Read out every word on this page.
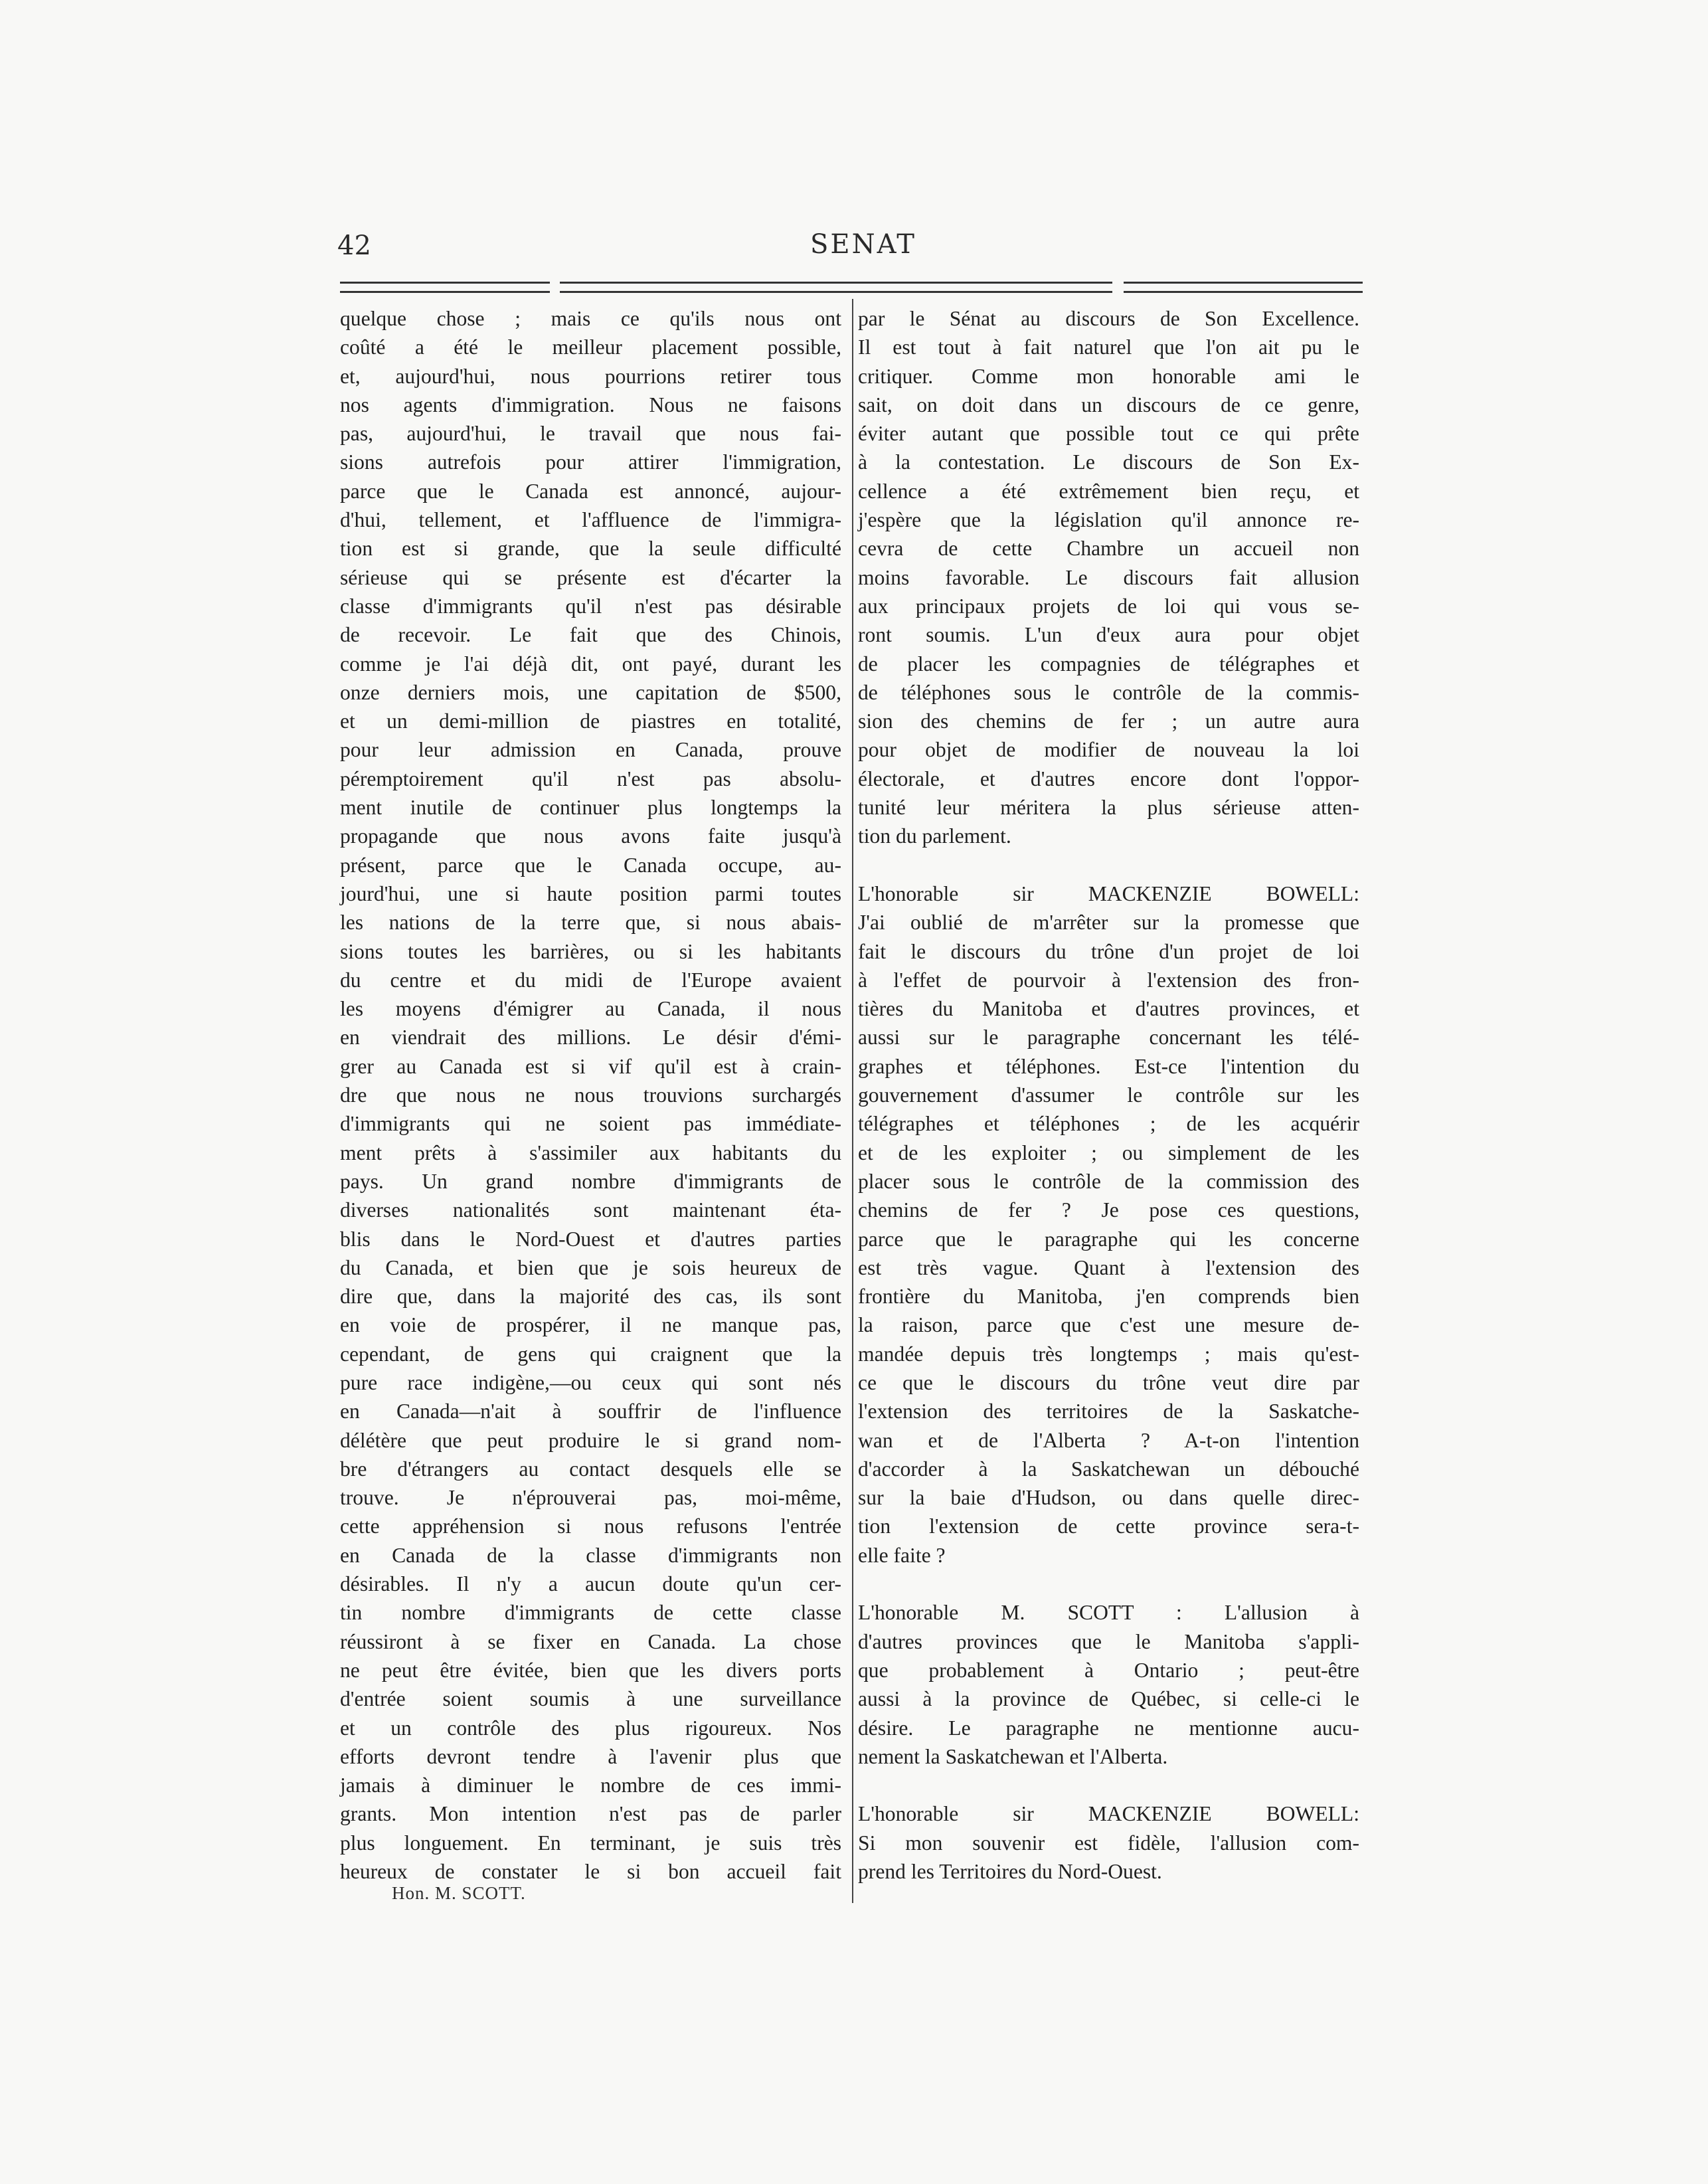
42	SENAT
quelque chose ; mais ce qu'ils nous ont
coûté a été le meilleur placement possible,
et, aujourd'hui, nous pourrions retirer tous
nos agents d'immigration. Nous ne faisons
pas, aujourd'hui, le travail que nous fai-
sions autrefois pour attirer l'immigration,
parce que le Canada est annoncé, aujour-
d'hui, tellement, et l'affluence de l'immigra-
tion est si grande, que la seule difficulté
sérieuse qui se présente est d'écarter la
classe d'immigrants qu'il n'est pas désirable
de recevoir. Le fait que des Chinois,
comme je l'ai déjà dit, ont payé, durant les
onze derniers mois, une capitation de $500,
et un demi-million de piastres en totalité,
pour leur admission en Canada, prouve
péremptoirement qu'il n'est pas absolu-
ment inutile de continuer plus longtemps la
propagande que nous avons faite jusqu'à
présent, parce que le Canada occupe, au-
jourd'hui, une si haute position parmi toutes
les nations de la terre que, si nous abais-
sions toutes les barrières, ou si les habitants
du centre et du midi de l'Europe avaient
les moyens d'émigrer au Canada, il nous
en viendrait des millions. Le désir d'émi-
grer au Canada est si vif qu'il est à crain-
dre que nous ne nous trouvions surchargés
d'immigrants qui ne soient pas immédiate-
ment prêts à s'assimiler aux habitants du
pays. Un grand nombre d'immigrants de
diverses nationalités sont maintenant éta-
blis dans le Nord-Ouest et d'autres parties
du Canada, et bien que je sois heureux de
dire que, dans la majorité des cas, ils sont
en voie de prospérer, il ne manque pas,
cependant, de gens qui craignent que la
pure race indigène,—ou ceux qui sont nés
en Canada—n'ait à souffrir de l'influence
délétère que peut produire le si grand nom-
bre d'étrangers au contact desquels elle se
trouve. Je n'éprouverai pas, moi-même,
cette appréhension si nous refusons l'entrée
en Canada de la classe d'immigrants non
désirables. Il n'y a aucun doute qu'un cer-
tin nombre d'immigrants de cette classe
réussiront à se fixer en Canada. La chose
ne peut être évitée, bien que les divers ports
d'entrée soient soumis à une surveillance
et un contrôle des plus rigoureux. Nos
efforts devront tendre à l'avenir plus que
jamais à diminuer le nombre de ces immi-
grants. Mon intention n'est pas de parler
plus longuement. En terminant, je suis très
heureux de constater le si bon accueil fait
par le Sénat au discours de Son Excellence.
Il est tout à fait naturel que l'on ait pu le
critiquer. Comme mon honorable ami le
sait, on doit dans un discours de ce genre,
éviter autant que possible tout ce qui prête
à la contestation. Le discours de Son Ex-
cellence a été extrêmement bien reçu, et
j'espère que la législation qu'il annonce re-
cevra de cette Chambre un accueil non
moins favorable. Le discours fait allusion
aux principaux projets de loi qui vous se-
ront soumis. L'un d'eux aura pour objet
de placer les compagnies de télégraphes et
de téléphones sous le contrôle de la commis-
sion des chemins de fer ; un autre aura
pour objet de modifier de nouveau la loi
électorale, et d'autres encore dont l'oppor-
tunité leur méritera la plus sérieuse atten-
tion du parlement.
L'honorable sir MACKENZIE BOWELL:
J'ai oublié de m'arrêter sur la promesse que
fait le discours du trône d'un projet de loi
à l'effet de pourvoir à l'extension des fron-
tières du Manitoba et d'autres provinces, et
aussi sur le paragraphe concernant les télé-
graphes et téléphones. Est-ce l'intention du
gouvernement d'assumer le contrôle sur les
télégraphes et téléphones ; de les acquérir
et de les exploiter ; ou simplement de les
placer sous le contrôle de la commission des
chemins de fer ? Je pose ces questions,
parce que le paragraphe qui les concerne
est très vague. Quant à l'extension des
frontière du Manitoba, j'en comprends bien
la raison, parce que c'est une mesure de-
mandée depuis très longtemps ; mais qu'est-
ce que le discours du trône veut dire par
l'extension des territoires de la Saskatche-
wan et de l'Alberta ? A-t-on l'intention
d'accorder à la Saskatchewan un débouché
sur la baie d'Hudson, ou dans quelle direc-
tion l'extension de cette province sera-t-
elle faite ?
L'honorable M. SCOTT : L'allusion à
d'autres provinces que le Manitoba s'appli-
que probablement à Ontario ; peut-être
aussi à la province de Québec, si celle-ci le
désire. Le paragraphe ne mentionne aucu-
nement la Saskatchewan et l'Alberta.
L'honorable sir MACKENZIE BOWELL:
Si mon souvenir est fidèle, l'allusion com-
prend les Territoires du Nord-Ouest.
Hon. M. SCOTT.
